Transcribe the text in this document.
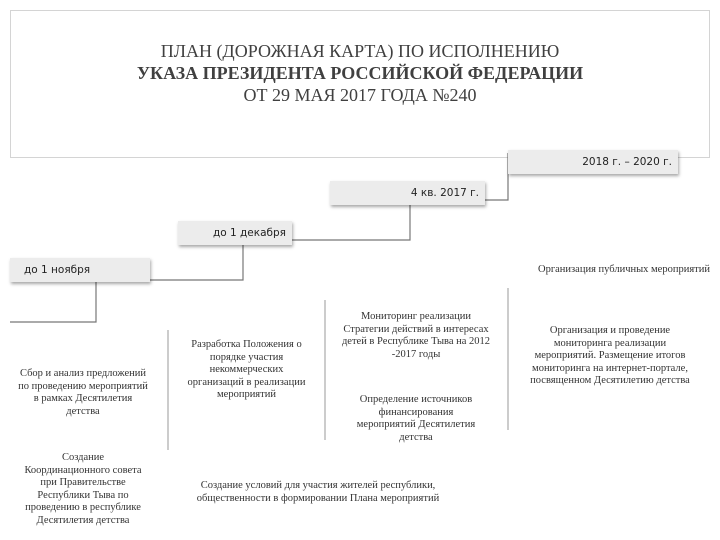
ПЛАН (ДОРОЖНАЯ КАРТА) ПО ИСПОЛНЕНИЮ
УКАЗА ПРЕЗИДЕНТА РОССИЙСКОЙ ФЕДЕРАЦИИ
ОТ 29 МАЯ 2017 ГОДА №240
2018 г. – 2020 г.
4 кв. 2017 г.
до 1 декабря
до 1 ноября	Организация публичных мероприятий
Сбор и анализ предложений
по проведению мероприятий
в рамках Десятилетия
детства
Создание
Координационного совета
при Правительстве
Республики Тыва по
проведению в республике
Десятилетия детства
Разработка Положения о
порядке участия
некоммерческих
организаций в реализации
мероприятий
Создание условий для участия жителей республики,
общественности в формировании Плана мероприятий
Мониторинг реализации
Стратегии действий в интересах
детей в Республике Тыва на 2012
-2017 годы
Определение источников
финансирования
мероприятий Десятилетия
детства
Организация и проведение
мониторинга реализации
мероприятий. Размещение итогов
мониторинга на интернет-портале,
посвященном Десятилетию детства
